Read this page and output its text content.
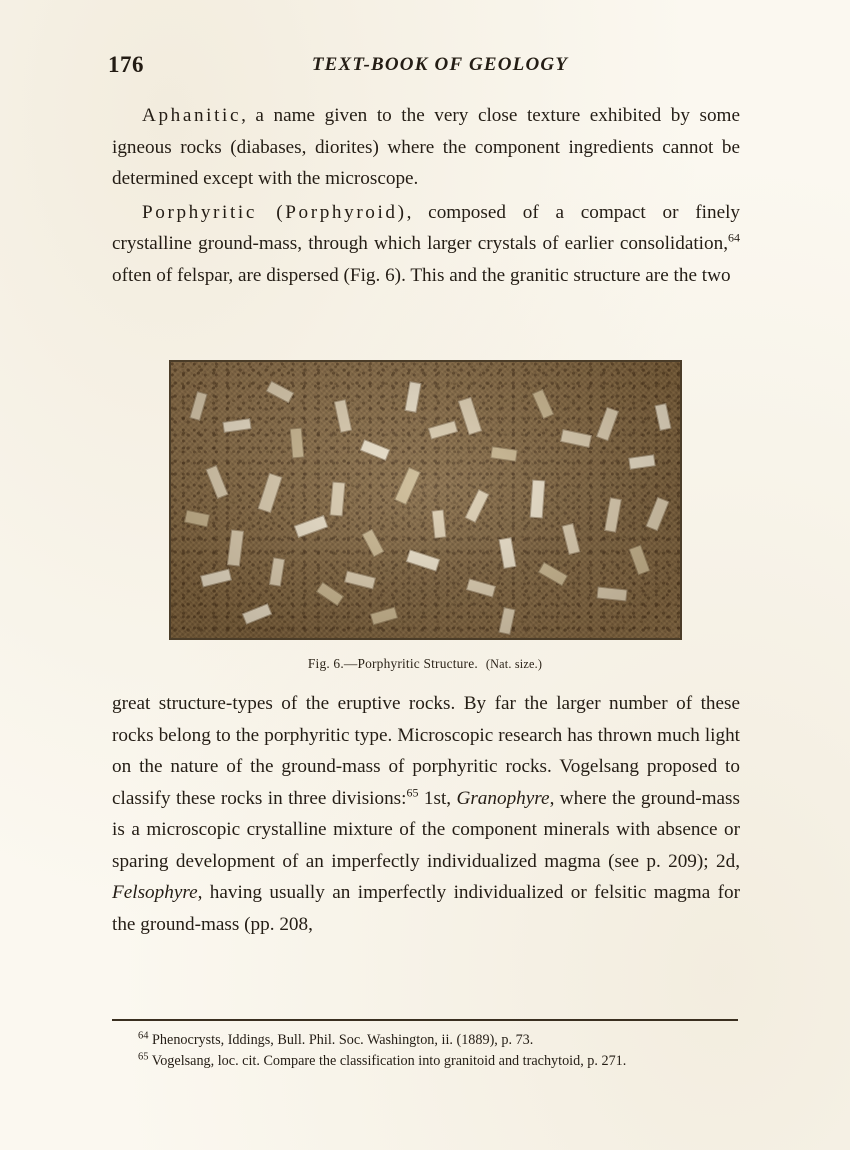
176	TEXT-BOOK OF GEOLOGY

Aphanitic, a name given to the very close texture exhibited by some igneous rocks (diabases, diorites) where the component ingredients cannot be determined except with the microscope.

Porphyritic (Porphyroid), composed of a compact or finely crystalline ground-mass, through which larger crystals of earlier consolidation,$^{64}$ often of felspar, are dispersed (Fig. 6). This and the granitic structure are the two

Fig. 6.—Porphyritic Structure. (Nat. size.)

great structure-types of the eruptive rocks. By far the larger number of these rocks belong to the porphyritic type. Microscopic research has thrown much light on the nature of the ground-mass of porphyritic rocks. Vogelsang proposed to classify these rocks in three divisions:$^{65}$ 1st, Granophyre, where the ground-mass is a microscopic crystalline mixture of the component minerals with absence or sparing development of an imperfectly individualized magma (see p. 209); 2d, Felsophyre, having usually an imperfectly individualized or felsitic magma for the ground-mass (pp. 208,

$^{64}$ Phenocrysts, Iddings, Bull. Phil. Soc. Washington, ii. (1889), p. 73.

$^{65}$ Vogelsang, loc. cit. Compare the classification into granitoid and trachytoid, p. 271.
